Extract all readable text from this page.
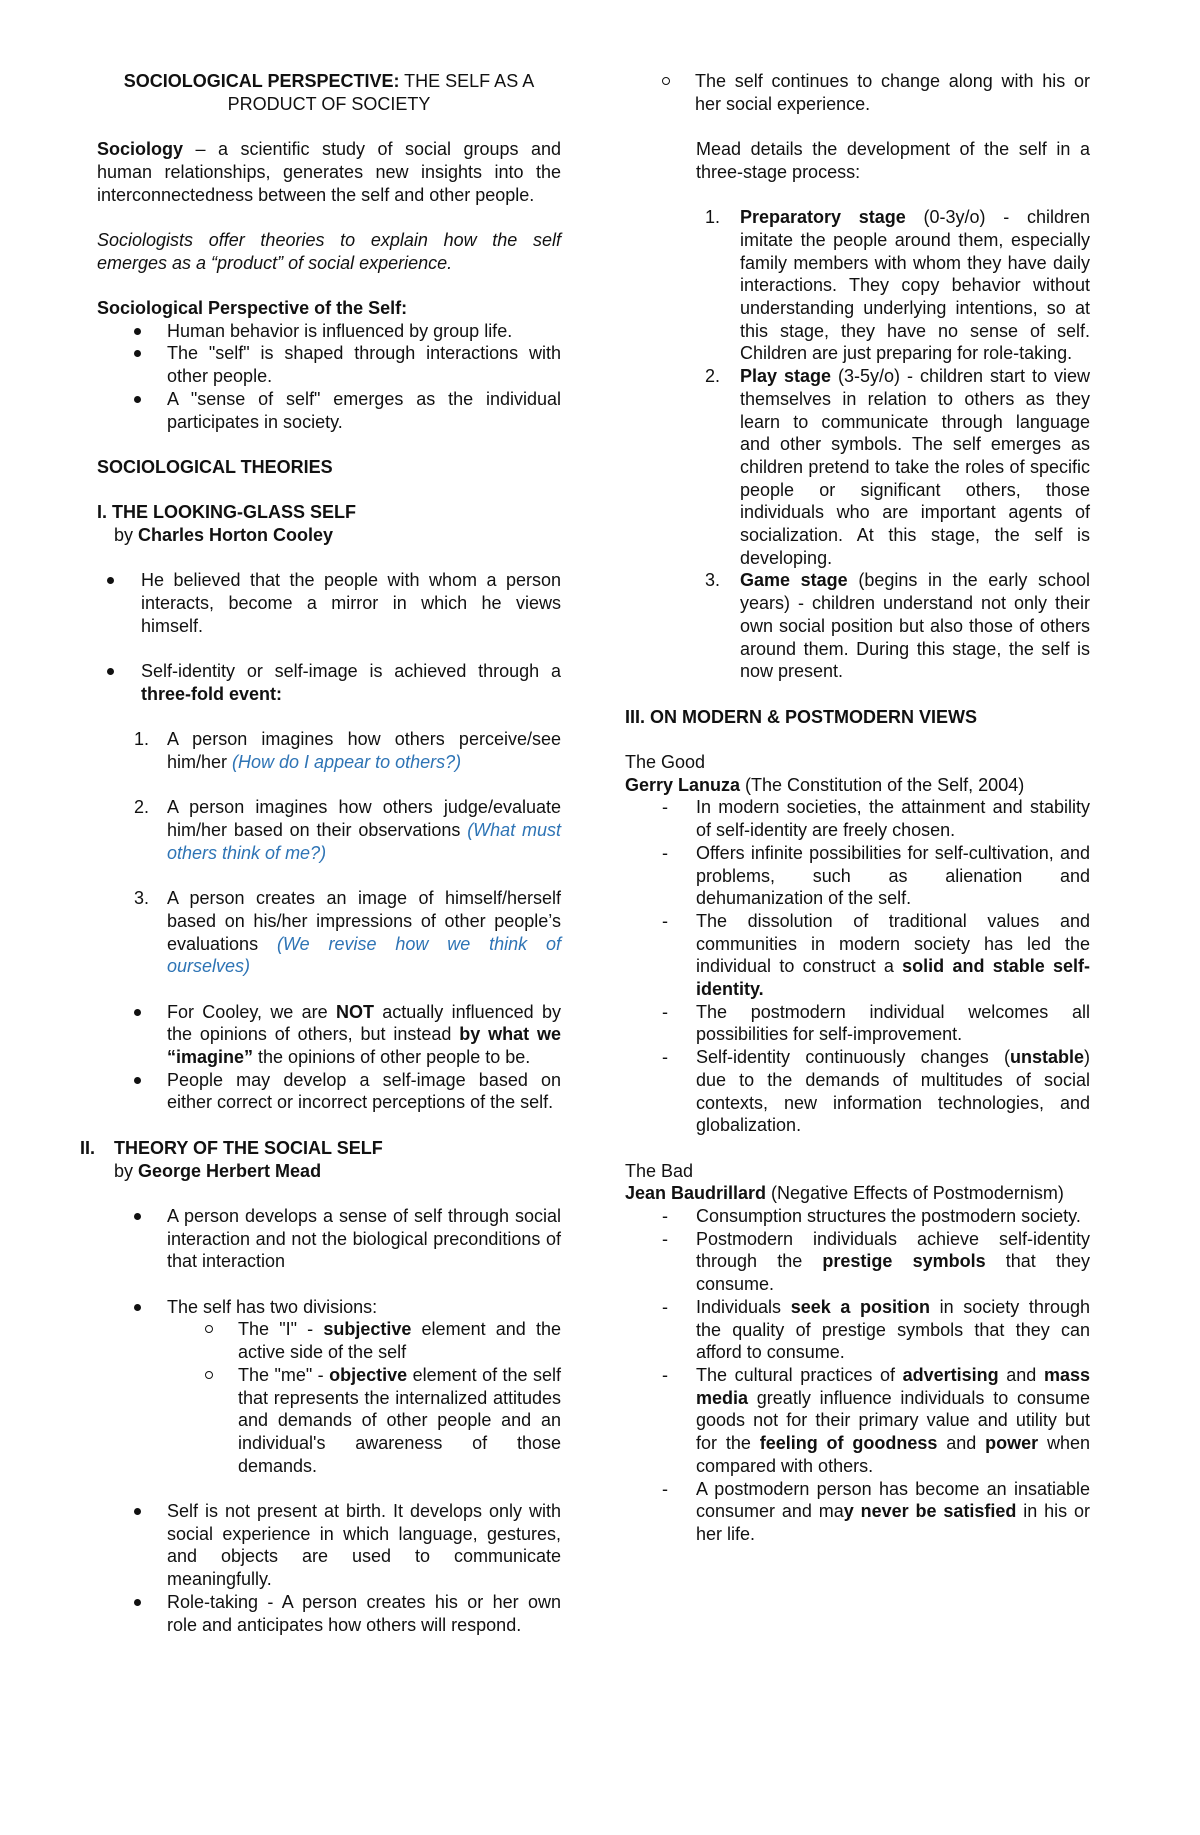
SOCIOLOGICAL PERSPECTIVE: THE SELF AS A
PRODUCT OF SOCIETY

Sociology – a scientific study of social groups and human relationships, generates new insights into the interconnectedness between the self and other people.

Sociologists offer theories to explain how the self emerges as a “product” of social experience.

Sociological Perspective of the Self:

Human behavior is influenced by group life.
The "self" is shaped through interactions with other people.
A "sense of self" emerges as the individual participates in society.

SOCIOLOGICAL THEORIES

I. THE LOOKING-GLASS SELF

by Charles Horton Cooley

He believed that the people with whom a person interacts, become a mirror in which he views himself.
Self-identity or self-image is achieved through a three-fold event:
1. A person imagines how others perceive/see him/her (How do I appear to others?)
2. A person imagines how others judge/evaluate him/her based on their observations (What must others think of me?)
3. A person creates an image of himself/herself based on his/her impressions of other people’s evaluations (We revise how we think of ourselves)
For Cooley, we are NOT actually influenced by the opinions of others, but instead by what we “imagine” the opinions of other people to be.
People may develop a self-image based on either correct or incorrect perceptions of the self.
II. THEORY OF THE SOCIAL SELF

by George Herbert Mead

A person develops a sense of self through social interaction and not the biological preconditions of that interaction
The self has two divisions:
The "I" - subjective element and the active side of the self
The "me" - objective element of the self that represents the internalized attitudes and demands of other people and an individual's awareness of those demands.
Self is not present at birth. It develops only with social experience in which language, gestures, and objects are used to communicate meaningfully.
Role-taking - A person creates his or her own role and anticipates how others will respond.
The self continues to change along with his or her social experience.

Mead details the development of the self in a three-stage process:

1. Preparatory stage (0-3y/o) - children imitate the people around them, especially family members with whom they have daily interactions. They copy behavior without understanding underlying intentions, so at this stage, they have no sense of self. Children are just preparing for role-taking.
2. Play stage (3-5y/o) - children start to view themselves in relation to others as they learn to communicate through language and other symbols. The self emerges as children pretend to take the roles of specific people or significant others, those individuals who are important agents of socialization. At this stage, the self is developing.
3. Game stage (begins in the early school years) - children understand not only their own social position but also those of others around them. During this stage, the self is now present.

III. ON MODERN & POSTMODERN VIEWS

The Good

Gerry Lanuza (The Constitution of the Self, 2004)

- In modern societies, the attainment and stability of self-identity are freely chosen.
- Offers infinite possibilities for self-cultivation, and problems, such as alienation and dehumanization of the self.
- The dissolution of traditional values and communities in modern society has led the individual to construct a solid and stable self-identity.
- The postmodern individual welcomes all possibilities for self-improvement.
- Self-identity continuously changes (unstable) due to the demands of multitudes of social contexts, new information technologies, and globalization.

The Bad

Jean Baudrillard (Negative Effects of Postmodernism)

- Consumption structures the postmodern society.
- Postmodern individuals achieve self-identity through the prestige symbols that they consume.
- Individuals seek a position in society through the quality of prestige symbols that they can afford to consume.
- The cultural practices of advertising and mass media greatly influence individuals to consume goods not for their primary value and utility but for the feeling of goodness and power when compared with others.
- A postmodern person has become an insatiable consumer and may never be satisfied in his or her life.
